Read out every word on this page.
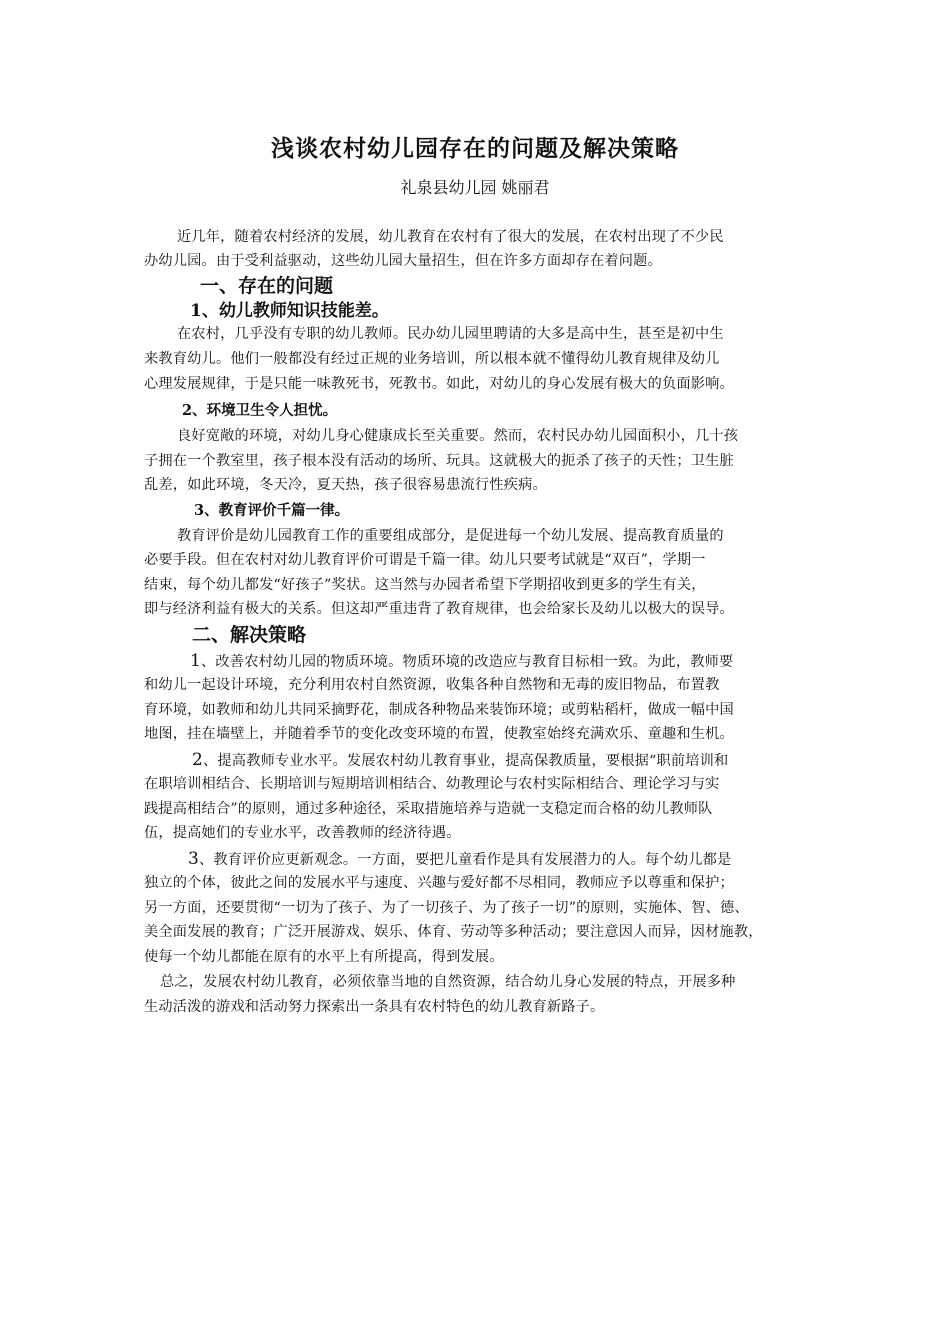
浅谈农村幼儿园存在的问题及解决策略
礼泉县幼儿园 姚丽君
近几年，随着农村经济的发展，幼儿教育在农村有了很大的发展，在农村出现了不少民
办幼儿园。由于受利益驱动，这些幼儿园大量招生，但在许多方面却存在着问题。
一、存在的问题
1、幼儿教师知识技能差。
在农村，几乎没有专职的幼儿教师。民办幼儿园里聘请的大多是高中生，甚至是初中生
来教育幼儿。他们一般都没有经过正规的业务培训，所以根本就不懂得幼儿教育规律及幼儿
心理发展规律，于是只能一味教死书，死教书。如此，对幼儿的身心发展有极大的负面影响。
2、环境卫生令人担忧。
良好宽敞的环境，对幼儿身心健康成长至关重要。然而，农村民办幼儿园面积小，几十孩
子拥在一个教室里，孩子根本没有活动的场所、玩具。这就极大的扼杀了孩子的天性；卫生脏
乱差，如此环境，冬天冷，夏天热，孩子很容易患流行性疾病。
3、教育评价千篇一律。
教育评价是幼儿园教育工作的重要组成部分，是促进每一个幼儿发展、提高教育质量的
必要手段。但在农村对幼儿教育评价可谓是千篇一律。幼儿只要考试就是“双百”，学期一
结束，每个幼儿都发“好孩子”奖状。这当然与办园者希望下学期招收到更多的学生有关，
即与经济利益有极大的关系。但这却严重违背了教育规律，也会给家长及幼儿以极大的误导。
二、解决策略
1、改善农村幼儿园的物质环境。物质环境的改造应与教育目标相一致。为此，教师要
和幼儿一起设计环境，充分利用农村自然资源，收集各种自然物和无毒的废旧物品，布置教
育环境，如教师和幼儿共同采摘野花，制成各种物品来装饰环境；或剪粘稻杆，做成一幅中国
地图，挂在墙壁上，并随着季节的变化改变环境的布置，使教室始终充满欢乐、童趣和生机。
2、提高教师专业水平。发展农村幼儿教育事业，提高保教质量，要根据“职前培训和
在职培训相结合、长期培训与短期培训相结合、幼教理论与农村实际相结合、理论学习与实
践提高相结合”的原则，通过多种途径，采取措施培养与造就一支稳定而合格的幼儿教师队
伍，提高她们的专业水平，改善教师的经济待遇。
3、教育评价应更新观念。一方面，要把儿童看作是具有发展潜力的人。每个幼儿都是
独立的个体，彼此之间的发展水平与速度、兴趣与爱好都不尽相同，教师应予以尊重和保护；
另一方面，还要贯彻“一切为了孩子、为了一切孩子、为了孩子一切”的原则，实施体、智、德、
美全面发展的教育；广泛开展游戏、娱乐、体育、劳动等多种活动；要注意因人而异，因材施教，
使每一个幼儿都能在原有的水平上有所提高，得到发展。
总之，发展农村幼儿教育，必须依靠当地的自然资源，结合幼儿身心发展的特点，开展多种
生动活泼的游戏和活动努力探索出一条具有农村特色的幼儿教育新路子。
